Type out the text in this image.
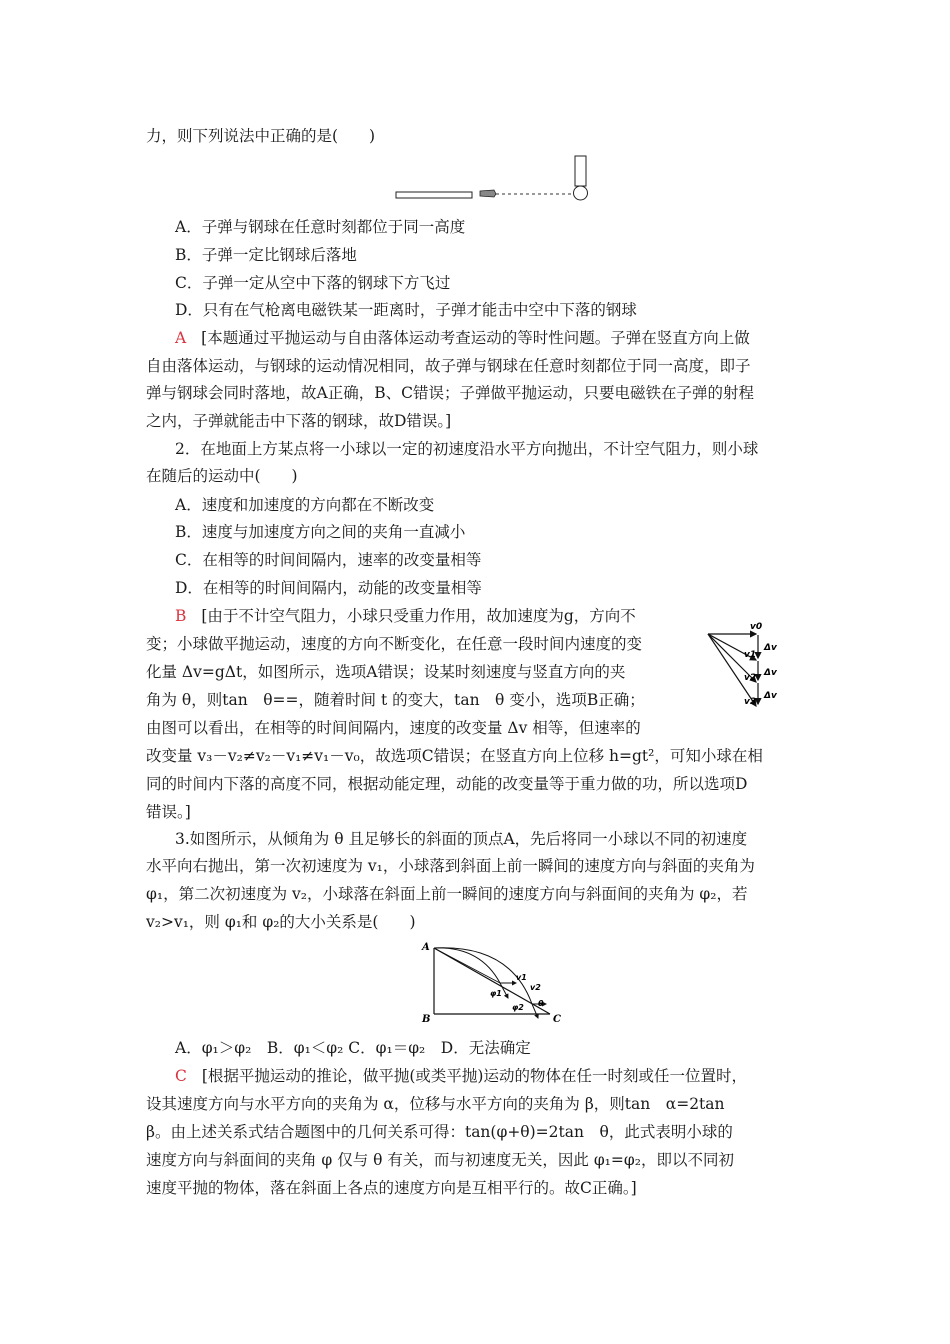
力，则下列说法中正确的是(　　)
A．子弹与钢球在任意时刻都位于同一高度
B．子弹一定比钢球后落地
C．子弹一定从空中下落的钢球下方飞过
D．只有在气枪离电磁铁某一距离时，子弹才能击中空中下落的钢球
A [本题通过平抛运动与自由落体运动考查运动的等时性问题。子弹在竖直方向上做
自由落体运动，与钢球的运动情况相同，故子弹与钢球在任意时刻都位于同一高度，即子
弹与钢球会同时落地，故A正确，B、C错误；子弹做平抛运动，只要电磁铁在子弹的射程
之内，子弹就能击中下落的钢球，故D错误。]
2．在地面上方某点将一小球以一定的初速度沿水平方向抛出，不计空气阻力，则小球
在随后的运动中(　　)
A．速度和加速度的方向都在不断改变
B．速度与加速度方向之间的夹角一直减小
C．在相等的时间间隔内，速率的改变量相等
D．在相等的时间间隔内，动能的改变量相等
B [由于不计空气阻力，小球只受重力作用，故加速度为g，方向不
变；小球做平抛运动，速度的方向不断变化，在任意一段时间内速度的变
化量 Δv=gΔt，如图所示，选项A错误；设某时刻速度与竖直方向的夹
角为 θ，则tan　θ==，随着时间 t 的变大，tan　θ 变小，选项B正确；
由图可以看出，在相等的时间间隔内，速度的改变量 Δv 相等，但速率的
改变量 v₃－v₂≠v₂－v₁≠v₁－v₀，故选项C错误；在竖直方向上位移 h=gt²，可知小球在相
同的时间内下落的高度不同，根据动能定理，动能的改变量等于重力做的功，所以选项D
错误。]
v0
v1
v2
v3
Δv
Δv
Δv
3.如图所示，从倾角为 θ 且足够长的斜面的顶点A，先后将同一小球以不同的初速度
水平向右抛出，第一次初速度为 v₁，小球落到斜面上前一瞬间的速度方向与斜面的夹角为
φ₁，第二次初速度为 v₂，小球落在斜面上前一瞬间的速度方向与斜面间的夹角为 φ₂，若
v₂>v₁，则 φ₁和 φ₂的大小关系是(　　)
A
B	C
v1
v2
φ1
φ2 θ
A．φ₁＞φ₂　B．φ₁＜φ₂ C．φ₁＝φ₂　D．无法确定
C [根据平抛运动的推论，做平抛(或类平抛)运动的物体在任一时刻或任一位置时，
设其速度方向与水平方向的夹角为 α，位移与水平方向的夹角为 β，则tan　α=2tan
β。由上述关系式结合题图中的几何关系可得：tan(φ+θ)=2tan　θ，此式表明小球的
速度方向与斜面间的夹角 φ 仅与 θ 有关，而与初速度无关，因此 φ₁=φ₂，即以不同初
速度平抛的物体，落在斜面上各点的速度方向是互相平行的。故C正确。]
